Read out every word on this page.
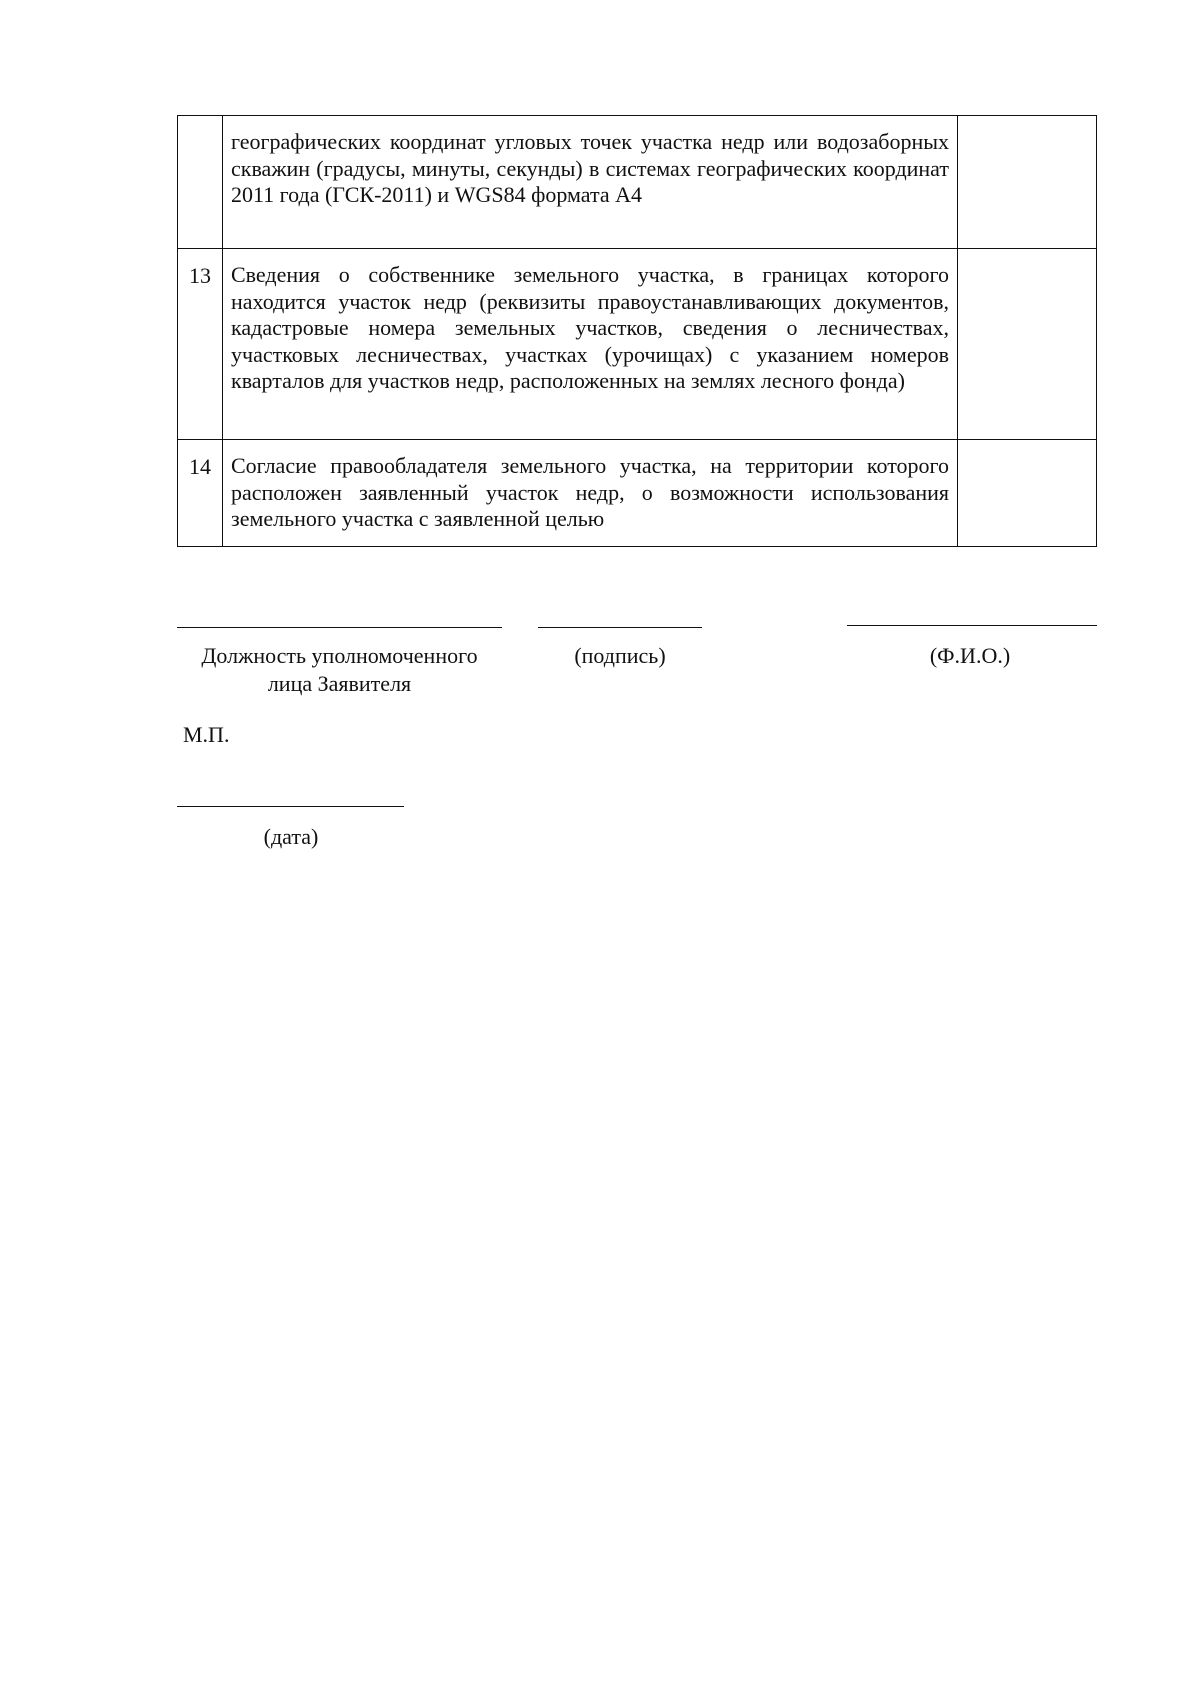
	географических координат угловых точек участка недр или водозаборных скважин (градусы, минуты, секунды) в системах географических координат 2011 года (ГСК-2011) и WGS84 формата А4	

13	Сведения о собственнике земельного участка, в границах которого находится участок недр (реквизиты правоустанавливающих документов, кадастровые номера земельных участков, сведения о лесничествах, участковых лесничествах, участках (урочищах) с указанием номеров кварталов для участков недр, расположенных на землях лесного фонда)	

14	Согласие правообладателя земельного участка, на территории которого расположен заявленный участок недр, о возможности использования земельного участка с заявленной целью	

Должность уполномоченного
лица Заявителя
(подпись)	(Ф.И.О.)
М.П.
(дата)
